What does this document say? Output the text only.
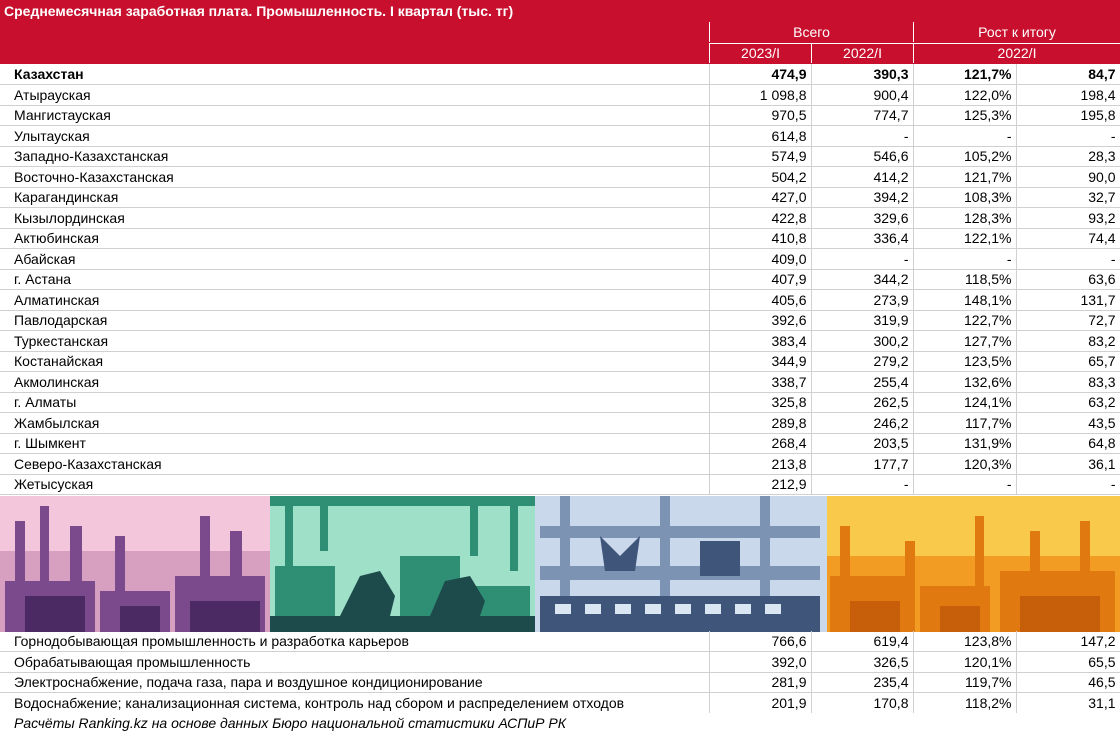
Среднемесячная заработная плата. Промышленность. I квартал (тыс. тг)
Всего	Рост к итогу
2023/I	2022/I	2022/I
Казахстан	474,9	390,3	121,7%	84,7
Атырауская	1 098,8	900,4	122,0%	198,4
Мангистауская	970,5	774,7	125,3%	195,8
Улытауская	614,8	-	-	-
Западно-Казахстанская	574,9	546,6	105,2%	28,3
Восточно-Казахстанская	504,2	414,2	121,7%	90,0
Карагандинская	427,0	394,2	108,3%	32,7
Кызылординская	422,8	329,6	128,3%	93,2
Актюбинская	410,8	336,4	122,1%	74,4
Абайская	409,0	-	-	-
г. Астана	407,9	344,2	118,5%	63,6
Алматинская	405,6	273,9	148,1%	131,7
Павлодарская	392,6	319,9	122,7%	72,7
Туркестанская	383,4	300,2	127,7%	83,2
Костанайская	344,9	279,2	123,5%	65,7
Акмолинская	338,7	255,4	132,6%	83,3
г. Алматы	325,8	262,5	124,1%	63,2
Жамбылская	289,8	246,2	117,7%	43,5
г. Шымкент	268,4	203,5	131,9%	64,8
Северо-Казахстанская	213,8	177,7	120,3%	36,1
Жетысуская	212,9	-	-	-
Горнодобывающая промышленность и разработка карьеров	766,6	619,4	123,8%	147,2
Обрабатывающая промышленность	392,0	326,5	120,1%	65,5
Электроснабжение, подача газа, пара и воздушное кондиционирование	281,9	235,4	119,7%	46,5
Водоснабжение; канализационная система, контроль над сбором и распределением отходов	201,9	170,8	118,2%	31,1
Расчёты Ranking.kz на основе данных Бюро национальной статистики АСПиР РК
